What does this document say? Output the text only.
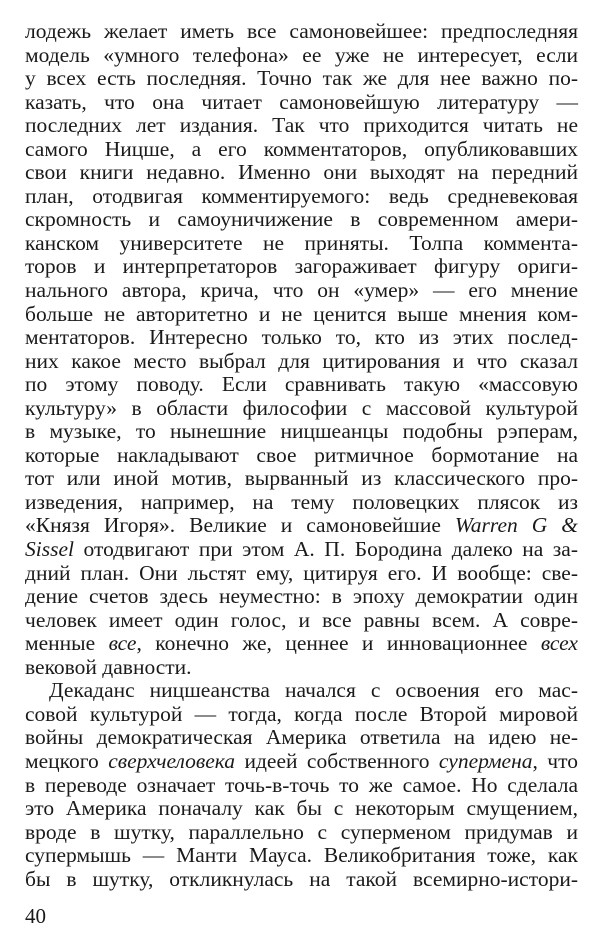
лодежь желает иметь все самоновейшее: предпоследняя
модель «умного телефона» ее уже не интересует, если
у всех есть последняя. Точно так же для нее важно по-
казать, что она читает самоновейшую литературу —
последних лет издания. Так что приходится читать не
самого Ницше, а его комментаторов, опубликовавших
свои книги недавно. Именно они выходят на передний
план, отодвигая комментируемого: ведь средневековая
скромность и самоуничижение в современном амери-
канском университете не приняты. Толпа коммента-
торов и интерпретаторов загораживает фигуру ориги-
нального автора, крича, что он «умер» — его мнение
больше не авторитетно и не ценится выше мнения ком-
ментаторов. Интересно только то, кто из этих послед-
них какое место выбрал для цитирования и что сказал
по этому поводу. Если сравнивать такую «массовую
культуру» в области философии с массовой культурой
в музыке, то нынешние ницшеанцы подобны рэперам,
которые накладывают свое ритмичное бормотание на
тот или иной мотив, вырванный из классического про-
изведения, например, на тему половецких плясок из
«Князя Игоря». Великие и самоновейшие Warren G &
Sissel отодвигают при этом А. П. Бородина далеко на за-
дний план. Они льстят ему, цитируя его. И вообще: све-
дение счетов здесь неуместно: в эпоху демократии один
человек имеет один голос, и все равны всем. А совре-
менные все, конечно же, ценнее и инновационнее всех
вековой давности.
Декаданс ницшеанства начался с освоения его мас-
совой культурой — тогда, когда после Второй мировой
войны демократическая Америка ответила на идею не-
мецкого сверхчеловека идеей собственного супермена, что
в переводе означает точь-в-точь то же самое. Но сделала
это Америка поначалу как бы с некоторым смущением,
вроде в шутку, параллельно с суперменом придумав и
супермышь — Манти Мауса. Великобритания тоже, как
бы в шутку, откликнулась на такой всемирно-истори-
40
